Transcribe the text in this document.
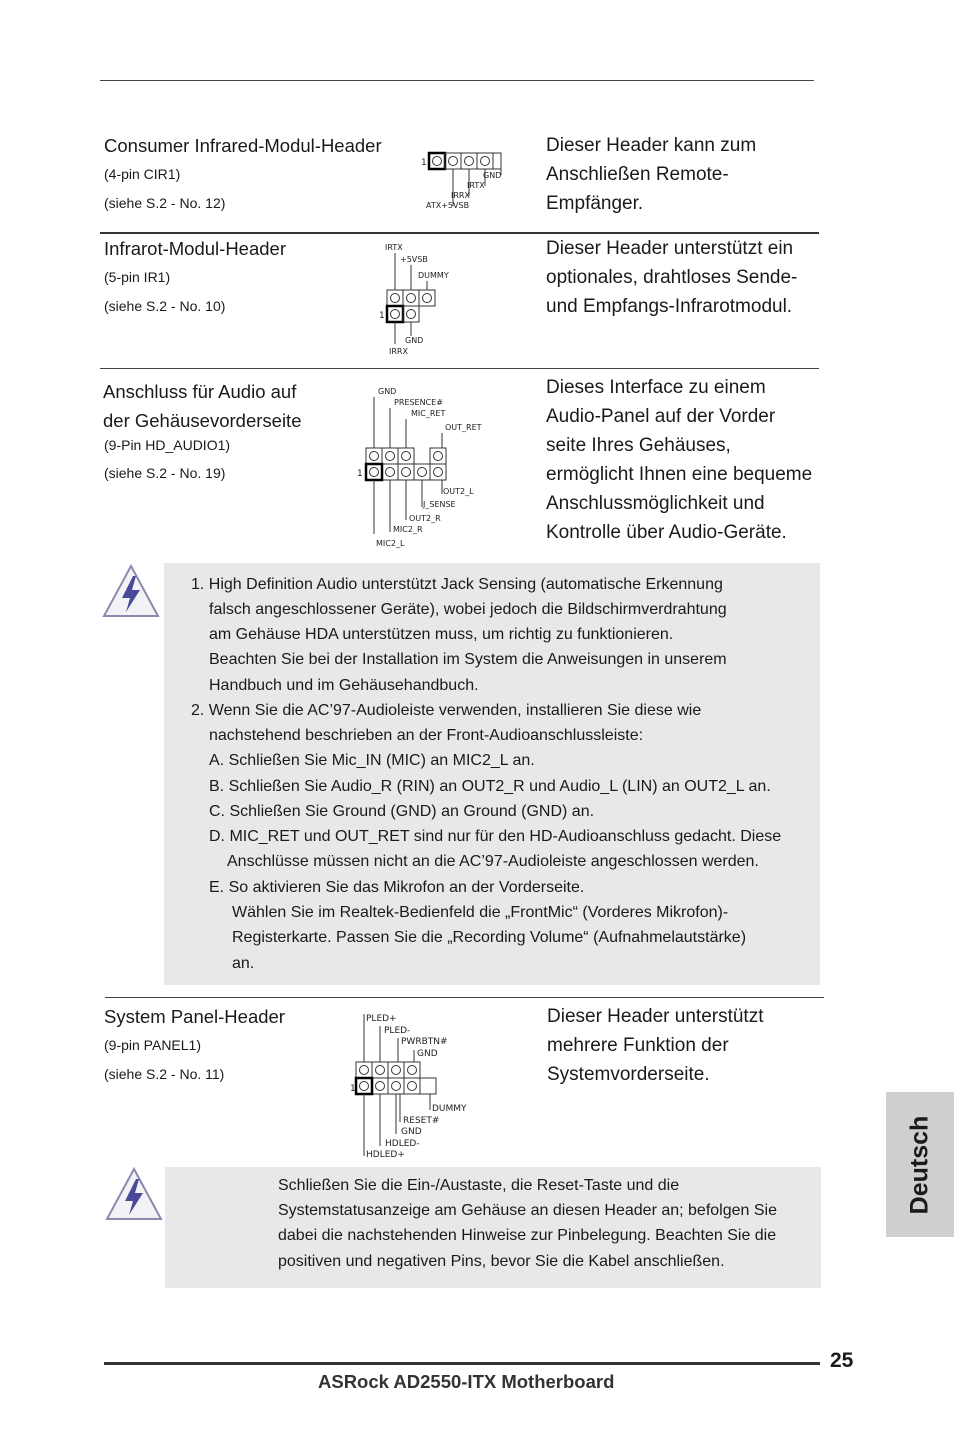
Consumer Infrared-Modul-Header
(4-pin CIR1)
(siehe S.2 - No. 12)
1
GND
IRTX
IRRX
ATX+5VSB
Dieser Header kann zum
Anschließen Remote-
Empfänger.
Infrarot-Modul-Header
(5-pin IR1)
(siehe S.2 - No. 10)
IRTX
+5VSB
DUMMY
1
GND
IRRX
Dieser Header unterstützt ein
optionales, drahtloses Sende-
und Empfangs-Infrarotmodul.
Anschluss für Audio auf
der Gehäusevorderseite
(9-Pin HD_AUDIO1)
(siehe S.2 - No. 19)
GND
PRESENCE#
MIC_RET
OUT_RET
1
OUT2_L
J_SENSE
OUT2_R
MIC2_R
MIC2_L
Dieses Interface zu einem
Audio-Panel auf der Vorder
seite Ihres Gehäuses,
ermöglicht Ihnen eine bequeme
Anschlussmöglichkeit und
Kontrolle über Audio-Geräte.
1. High Definition Audio unterstützt Jack Sensing (automatische Erkennung
falsch angeschlossener Geräte), wobei jedoch die Bildschirmverdrahtung
am Gehäuse HDA unterstützen muss, um richtig zu funktionieren.
Beachten Sie bei der Installation im System die Anweisungen in unserem
Handbuch und im Gehäusehandbuch.
2. Wenn Sie die AC’97-Audioleiste verwenden, installieren Sie diese wie
nachstehend beschrieben an der Front-Audioanschlussleiste:
A. Schließen Sie Mic_IN (MIC) an MIC2_L an.
B. Schließen Sie Audio_R (RIN) an OUT2_R und Audio_L (LIN) an OUT2_L an.
C. Schließen Sie Ground (GND) an Ground (GND) an.
D. MIC_RET und OUT_RET sind nur für den HD-Audioanschluss gedacht. Diese
Anschlüsse müssen nicht an die AC’97-Audioleiste angeschlossen werden.
E. So aktivieren Sie das Mikrofon an der Vorderseite.
Wählen Sie im Realtek-Bedienfeld die „FrontMic“ (Vorderes Mikrofon)-
Registerkarte. Passen Sie die „Recording Volume“ (Aufnahmelautstärke)
an.
System Panel-Header
(9-pin PANEL1)
(siehe S.2 - No. 11)
PLED+
PLED-
PWRBTN#
GND
1
DUMMY
RESET#
GND
HDLED-
HDLED+
Dieser Header unterstützt
mehrere Funktion der
Systemvorderseite.
Schließen Sie die Ein-/Austaste, die Reset-Taste und die
Systemstatusanzeige am Gehäuse an diesen Header an; befolgen Sie
dabei die nachstehenden Hinweise zur Pinbelegung. Beachten Sie die
positiven und negativen Pins, bevor Sie die Kabel anschließen.
Deutsch
25
ASRock AD2550-ITX Motherboard
